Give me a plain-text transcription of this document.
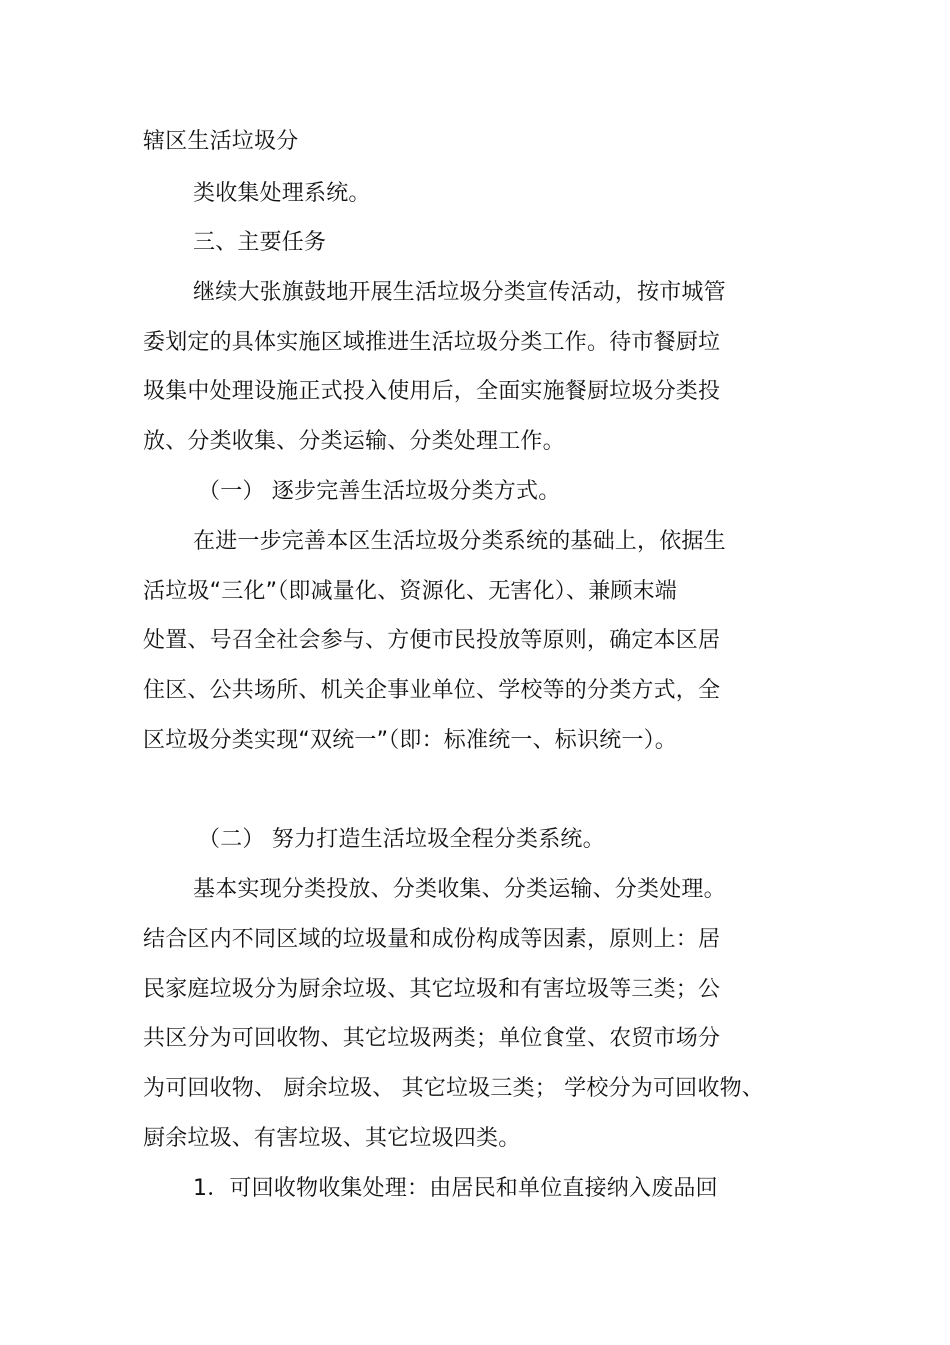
辖区生活垃圾分
类收集处理系统。
三、主要任务
继续大张旗鼓地开展生活垃圾分类宣传活动，按市城管
委划定的具体实施区域推进生活垃圾分类工作。待市餐厨垃
圾集中处理设施正式投入使用后，全面实施餐厨垃圾分类投
放、分类收集、分类运输、分类处理工作。
（一） 逐步完善生活垃圾分类方式。
在进一步完善本区生活垃圾分类系统的基础上，依据生
活垃圾“三化”（即减量化、资源化、无害化）、兼顾末端
处置、号召全社会参与、方便市民投放等原则，确定本区居
住区、公共场所、机关企事业单位、学校等的分类方式，全
区垃圾分类实现“双统一”（即：标准统一、标识统一）。
（二） 努力打造生活垃圾全程分类系统。
基本实现分类投放、分类收集、分类运输、分类处理。
结合区内不同区域的垃圾量和成份构成等因素，原则上：居
民家庭垃圾分为厨余垃圾、其它垃圾和有害垃圾等三类；公
共区分为可回收物、其它垃圾两类；单位食堂、农贸市场分
为可回收物、 厨余垃圾、 其它垃圾三类； 学校分为可回收物、
厨余垃圾、有害垃圾、其它垃圾四类。
1．可回收物收集处理：由居民和单位直接纳入废品回
